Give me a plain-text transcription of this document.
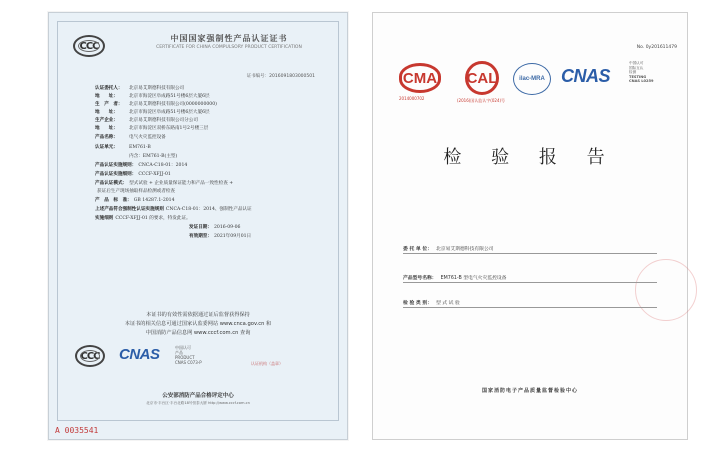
CCC
中国国家强制性产品认证证书
CERTIFICATE FOR CHINA COMPULSORY PRODUCT CERTIFICATION
证书编号：2016091803000501
认证委托人： 北京易艾斯德科技有限公司
地　　址： 北京市海淀区阜成路51号楼6层大厦6层
生　产　者： 北京易艾斯德科技有限公司(0000000000)
地　　址： 北京市海淀区阜成路51号楼6层大厦6层
生产企业： 北京易艾斯德科技有限公司分公司
地　　址： 北京市海淀区双桥东路南1号2号楼三层
产品名称： 电气火灾监控设备
认证单元： EM761-B
　　　　　内含：EM761-B(主型)
产品认证实施规则： CNCA-C18-01：2014
产品认证实施细则： CCCF-XFJJ-01
产品认证模式： 型式试验 + 企业质量保证能力和产品一致性检查 +
获证后生产现场抽取样品检测或者检查
产　品　标　准： GB 14287.1-2014
上述产品符合强制性认证实施规则 CNCA-C18-01：2014、强制性产品认证
实施细则 CCCF-XFJJ-01 的要求，特发此证。
发证日期： 2016-09-06
有效期至： 2021年09月01日
本证书的有效性需依据通过证后监督获得保持
本证书的相关信息可通过国家认监委网站 www.cnca.gov.cn 和
中国消防产品信息网 www.cccf.com.cn 查询
CCC CNAS	中国认可
产品
PRODUCT
CNAS C073-P	认证机构（盖章）
公安部消防产品合格评定中心
北京市·丰台区·丰台北路18号恒泰大厦 http://www.cccf.com.cn
A 0035541
No. 0y201611479
CMA
2014000702
CAL
(2016)国认监认字(024)号
ilac-MRA CNAS
中国认可
国际互认
检测
TESTING
CNAS L0259
检 验 报 告
委 托 单 位： 北京易艾斯德科技有限公司
产品型号名称： EM761-B 型电气火灾监控设备
检 验 类 别： 型 式 试 验
国家消防电子产品质量监督检验中心
